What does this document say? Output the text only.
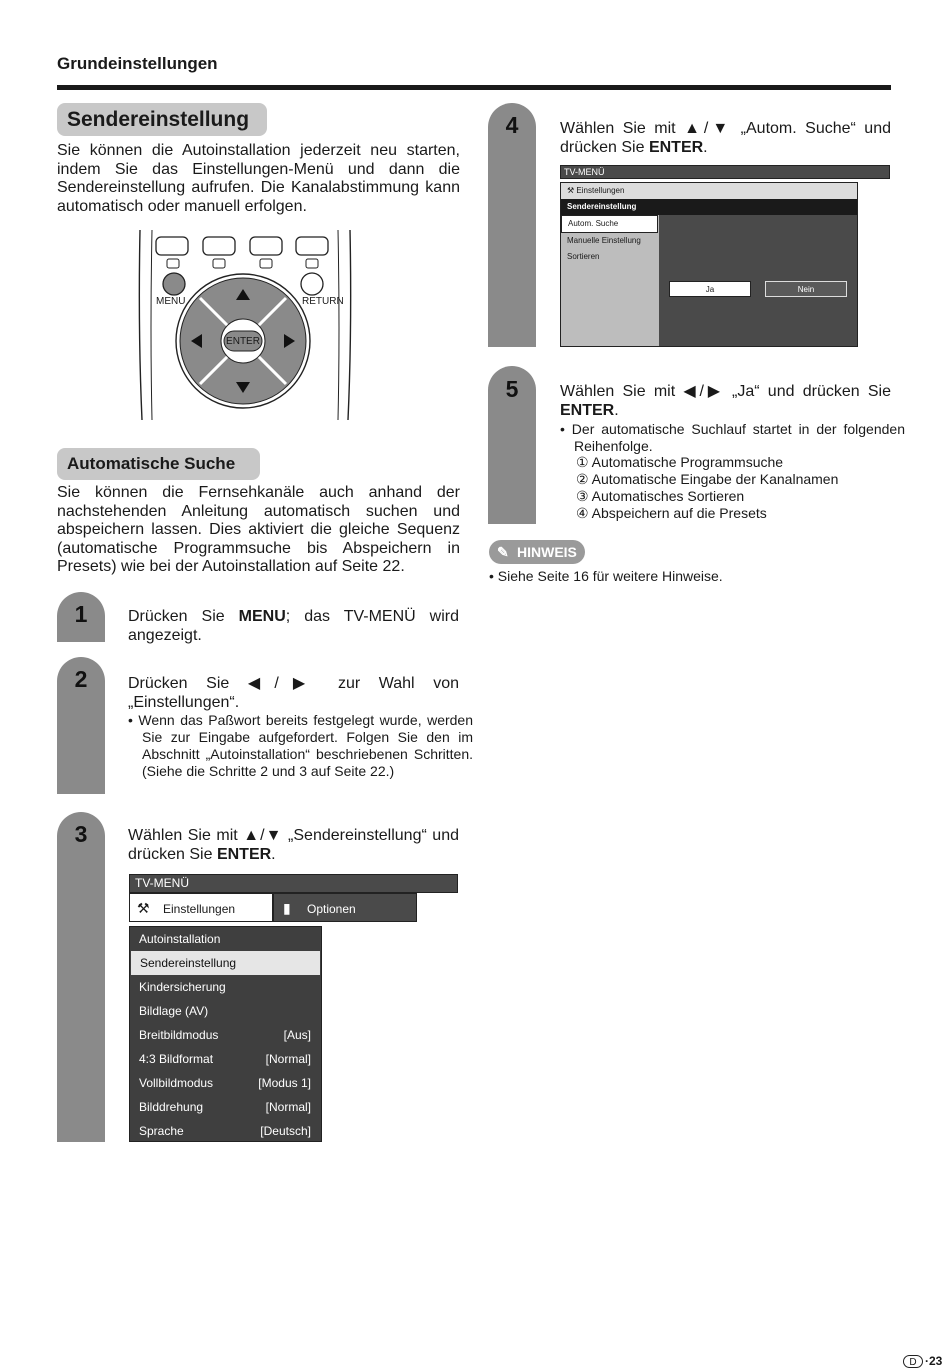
Grundeinstellungen
Sendereinstellung
Sie können die Autoinstallation jederzeit neu starten, indem Sie das Einstellungen-Menü und dann die Sendereinstellung aufrufen. Die Kanalabstimmung kann automatisch oder manuell erfolgen.
MENU	RETURN
ENTER
Automatische Suche
Sie können die Fernsehkanäle auch anhand der nachstehenden Anleitung automatisch suchen und abspeichern lassen. Dies aktiviert die gleiche Sequenz (automatische Programmsuche bis Abspeichern in Presets) wie bei der Autoinstallation auf Seite 22.
1	Drücken Sie MENU; das TV-MENÜ wird angezeigt.
2	Drücken Sie ◀/▶ zur Wahl von „Einstellungen“.
• Wenn das Paßwort bereits festgelegt wurde, werden Sie zur Eingabe aufgefordert. Folgen Sie den im Abschnitt „Autoinstallation“ beschriebenen Schritten. (Siehe die Schritte 2 und 3 auf Seite 22.)
3	Wählen Sie mit ▲/▼ „Sendereinstellung“ und drücken Sie ENTER.
TV-MENÜ
⚒ Einstellungen	▮ Optionen
Autoinstallation
Sendereinstellung
Kindersicherung
Bildlage (AV)
Breitbildmodus	[Aus]
4:3 Bildformat	[Normal]
Vollbildmodus	[Modus 1]
Bilddrehung	[Normal]
Sprache	[Deutsch]
4	Wählen Sie mit ▲/▼ „Autom. Suche“ und drücken Sie ENTER.
TV-MENÜ
⚒ Einstellungen
Sendereinstellung
Autom. Suche
Manuelle Einstellung
Sortieren
Ja	Nein
5	Wählen Sie mit ◀/▶ „Ja“ und drücken Sie ENTER.
• Der automatische Suchlauf startet in der folgenden Reihenfolge.
① Automatische Programmsuche
② Automatische Eingabe der Kanalnamen
③ Automatisches Sortieren
④ Abspeichern auf die Presets
✎ HINWEIS
• Siehe Seite 16 für weitere Hinweise.
D ·23
